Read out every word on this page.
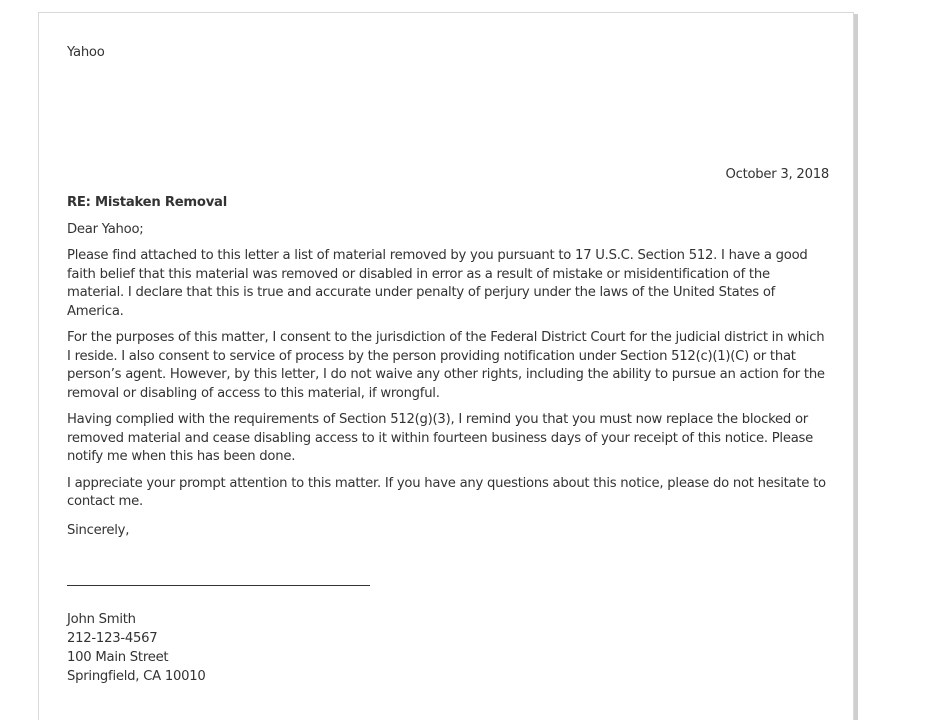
Yahoo
October 3, 2018
RE: Mistaken Removal
Dear Yahoo;

Please find attached to this letter a list of material removed by you pursuant to 17 U.S.C. Section 512. I have a good faith belief that this material was removed or disabled in error as a result of mistake or misidentification of the material. I declare that this is true and accurate under penalty of perjury under the laws of the United States of America.

For the purposes of this matter, I consent to the jurisdiction of the Federal District Court for the judicial district in which I reside. I also consent to service of process by the person providing notification under Section 512(c)(1)(C) or that person’s agent. However, by this letter, I do not waive any other rights, including the ability to pursue an action for the removal or disabling of access to this material, if wrongful.

Having complied with the requirements of Section 512(g)(3), I remind you that you must now replace the blocked or removed material and cease disabling access to it within fourteen business days of your receipt of this notice. Please notify me when this has been done.

I appreciate your prompt attention to this matter. If you have any questions about this notice, please do not hesitate to contact me.

Sincerely,
John Smith
212-123-4567
100 Main Street
Springfield, CA 10010
